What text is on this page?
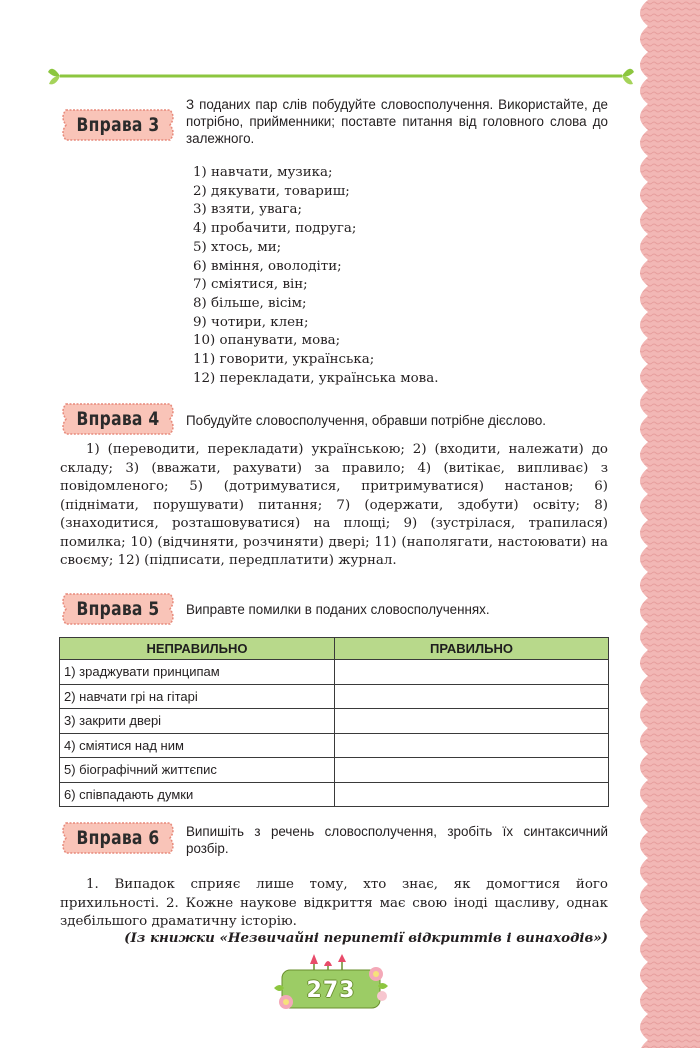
Вправа 3
З поданих пар слів побудуйте словосполучення. Використайте, де потрібно, прийменники; поставте питання від головного слова до залежного.
1) навчати, музика;
2) дякувати, товариш;
3) взяти, увага;
4) пробачити, подруга;
5) хтось, ми;
6) вміння, оволодіти;
7) сміятися, він;
8) більше, вісім;
9) чотири, клен;
10) опанувати, мова;
11) говорити, українська;
12) перекладати, українська мова.
Вправа 4	Побудуйте словосполучення, обравши потрібне дієслово.

1) (переводити, перекладати) українською; 2) (входити, належати) до складу; 3) (вважати, рахувати) за правило; 4) (витікає, випливає) з повідомленого; 5) (дотримуватися, притримуватися) настанов; 6) (піднімати, порушувати) питання; 7) (одержати, здобути) освіту; 8) (знаходитися, розташовуватися) на площі; 9) (зустрілася, трапилася) помилка; 10) (відчиняти, розчиняти) двері; 11) (наполягати, настоювати) на своєму; 12) (підписати, передплатити) журнал.

Вправа 5	Виправте помилки в поданих словосполученнях.
НЕПРАВИЛЬНО	ПРАВИЛЬНО
1) зраджувати принципам	
2) навчати грі на гітарі	
3) закрити двері	
4) сміятися над ним	
5) біографічний життєпис	
6) співпадають думки	
Вправа 6	Випишіть з речень словосполучення, зробіть їх синтаксичний розбір.

1. Випадок сприяє лише тому, хто знає, як домогтися його прихильності. 2. Кожне наукове відкриття має свою іноді щасливу, однак здебільшого драматичну історію.

(Із книжки «Незвичайні перипетії відкриттів і винаходів»)
273
